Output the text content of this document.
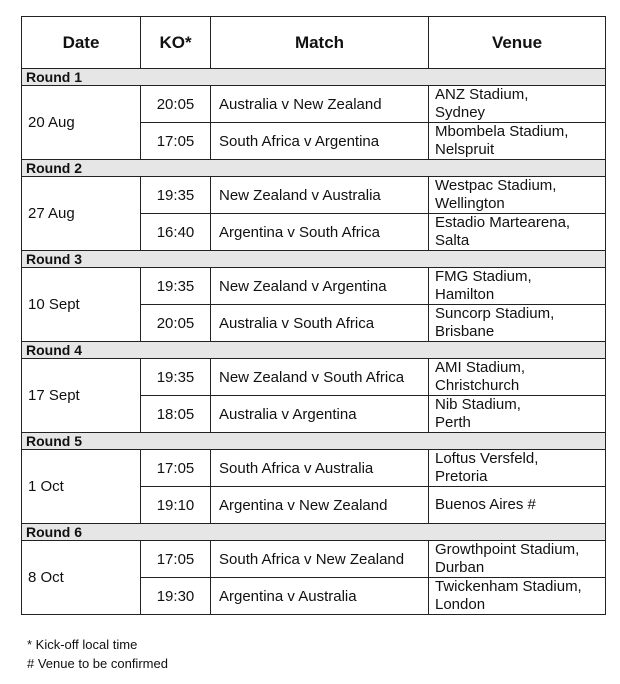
Date	KO*	Match	Venue
Round 1			
20 Aug	20:05	Australia v New Zealand	ANZ Stadium,
Sydney

	17:05	South Africa v Argentina	Mbombela Stadium,
Nelspruit

Round 2			
27 Aug	19:35	New Zealand v Australia	Westpac Stadium,
Wellington

	16:40	Argentina v South Africa	Estadio Martearena,
Salta

Round 3			
10 Sept	19:35	New Zealand v Argentina	FMG Stadium,
Hamilton

	20:05	Australia v South Africa	Suncorp Stadium,
Brisbane

Round 4			
17 Sept	19:35	New Zealand v South Africa	AMI Stadium,
Christchurch

	18:05	Australia v Argentina	Nib Stadium,
Perth

Round 5			
1 Oct	17:05	South Africa v Australia	Loftus Versfeld,
Pretoria

	19:10	Argentina v New Zealand	Buenos Aires #

Round 6			
8 Oct	17:05	South Africa v New Zealand	Growthpoint Stadium,
Durban

	19:30	Argentina v Australia	Twickenham Stadium,
London
* Kick-off local time
# Venue to be confirmed
